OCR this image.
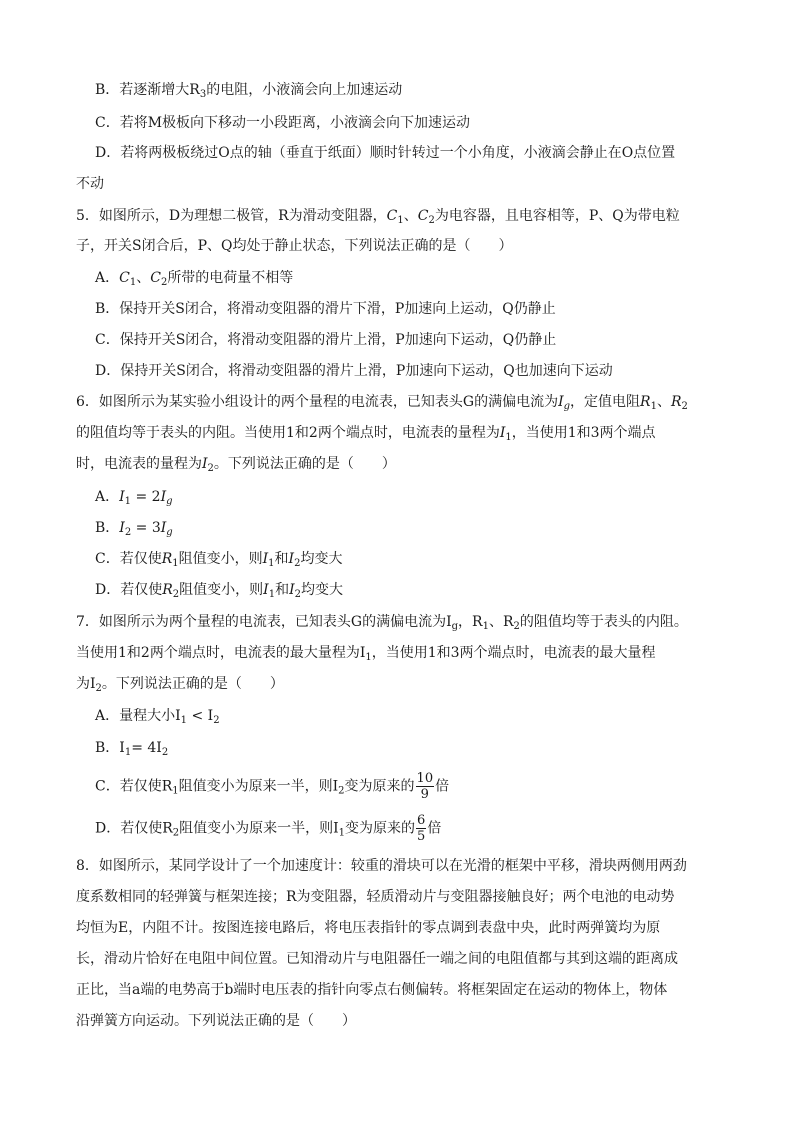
B．若逐渐增大$R_3$的电阻，小液滴会向上加速运动

C．若将M极板向下移动一小段距离，小液滴会向下加速运动

D．若将两极板绕过O点的轴（垂直于纸面）顺时针转过一个小角度，小液滴会静止在O点位置

不动

5．如图所示，D为理想二极管，R为滑动变阻器，$C_1$、$C_2$为电容器，且电容相等，P、Q为带电粒

子，开关S闭合后，P、Q均处于静止状态，下列说法正确的是（　　）

A．$C_1$、$C_2$所带的电荷量不相等

B．保持开关S闭合，将滑动变阻器的滑片下滑，P加速向上运动，Q仍静止

C．保持开关S闭合，将滑动变阻器的滑片上滑，P加速向下运动，Q仍静止

D．保持开关S闭合，将滑动变阻器的滑片上滑，P加速向下运动，Q也加速向下运动

6．如图所示为某实验小组设计的两个量程的电流表，已知表头G的满偏电流为$I_g$，定值电阻$R_1$、$R_2$

的阻值均等于表头的内阻。当使用1和2两个端点时，电流表的量程为$I_1$，当使用1和3两个端点

时，电流表的量程为$I_2$。下列说法正确的是（　　）

A．$I_1 = 2I_g$

B．$I_2 = 3I_g$

C．若仅使$R_1$阻值变小，则$I_1$和$I_2$均变大

D．若仅使$R_2$阻值变小，则$I_1$和$I_2$均变大

7．如图所示为两个量程的电流表，已知表头G的满偏电流为$I_g$，$R_1$、$R_2$的阻值均等于表头的内阻。

当使用1和2两个端点时，电流表的最大量程为$I_1$，当使用1和3两个端点时，电流表的最大量程

为$I_2$。下列说法正确的是（　　）

A．量程大小$I_1 < I_2$

B．$I_1= 4I_2$

C．若仅使$R_1$阻值变小为原来一半，则$I_2$变为原来的 $\frac{10}{9}$ 倍

D．若仅使$R_2$阻值变小为原来一半，则$I_1$变为原来的 $\frac{6}{5}$ 倍

8．如图所示，某同学设计了一个加速度计：较重的滑块可以在光滑的框架中平移，滑块两侧用两劲

度系数相同的轻弹簧与框架连接；R为变阻器，轻质滑动片与变阻器接触良好；两个电池的电动势

均恒为E，内阻不计。按图连接电路后，将电压表指针的零点调到表盘中央，此时两弹簧均为原

长，滑动片恰好在电阻中间位置。已知滑动片与电阻器任一端之间的电阻值都与其到这端的距离成

正比，当a端的电势高于b端时电压表的指针向零点右侧偏转。将框架固定在运动的物体上，物体

沿弹簧方向运动。下列说法正确的是（　　）
